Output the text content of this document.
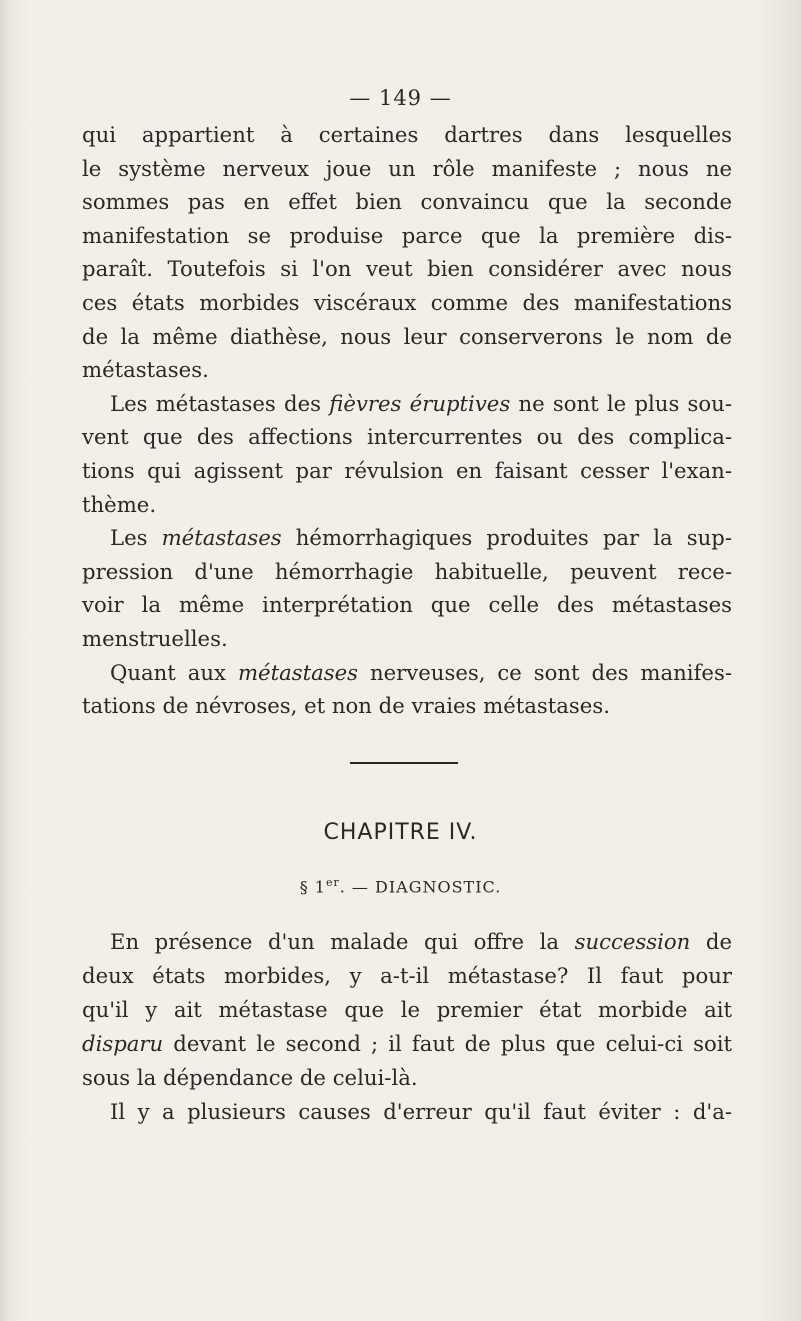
— 149 —
qui appartient à certaines dartres dans lesquelles
le système nerveux joue un rôle manifeste ; nous ne
sommes pas en effet bien convaincu que la seconde
manifestation se produise parce que la première dis-
paraît. Toutefois si l'on veut bien considérer avec nous
ces états morbides viscéraux comme des manifestations
de la même diathèse, nous leur conserverons le nom de
métastases.
Les métastases des fièvres éruptives ne sont le plus sou-
vent que des affections intercurrentes ou des complica-
tions qui agissent par révulsion en faisant cesser l'exan-
thème.
Les métastases hémorrhagiques produites par la sup-
pression d'une hémorrhagie habituelle, peuvent rece-
voir la même interprétation que celle des métastases
menstruelles.
Quant aux métastases nerveuses, ce sont des manifes-
tations de névroses, et non de vraies métastases.
CHAPITRE IV.
§ 1er. — DIAGNOSTIC.
En présence d'un malade qui offre la succession de
deux états morbides, y a-t-il métastase? Il faut pour
qu'il y ait métastase que le premier état morbide ait
disparu devant le second ; il faut de plus que celui-ci soit
sous la dépendance de celui-là.
Il y a plusieurs causes d'erreur qu'il faut éviter : d'a-
